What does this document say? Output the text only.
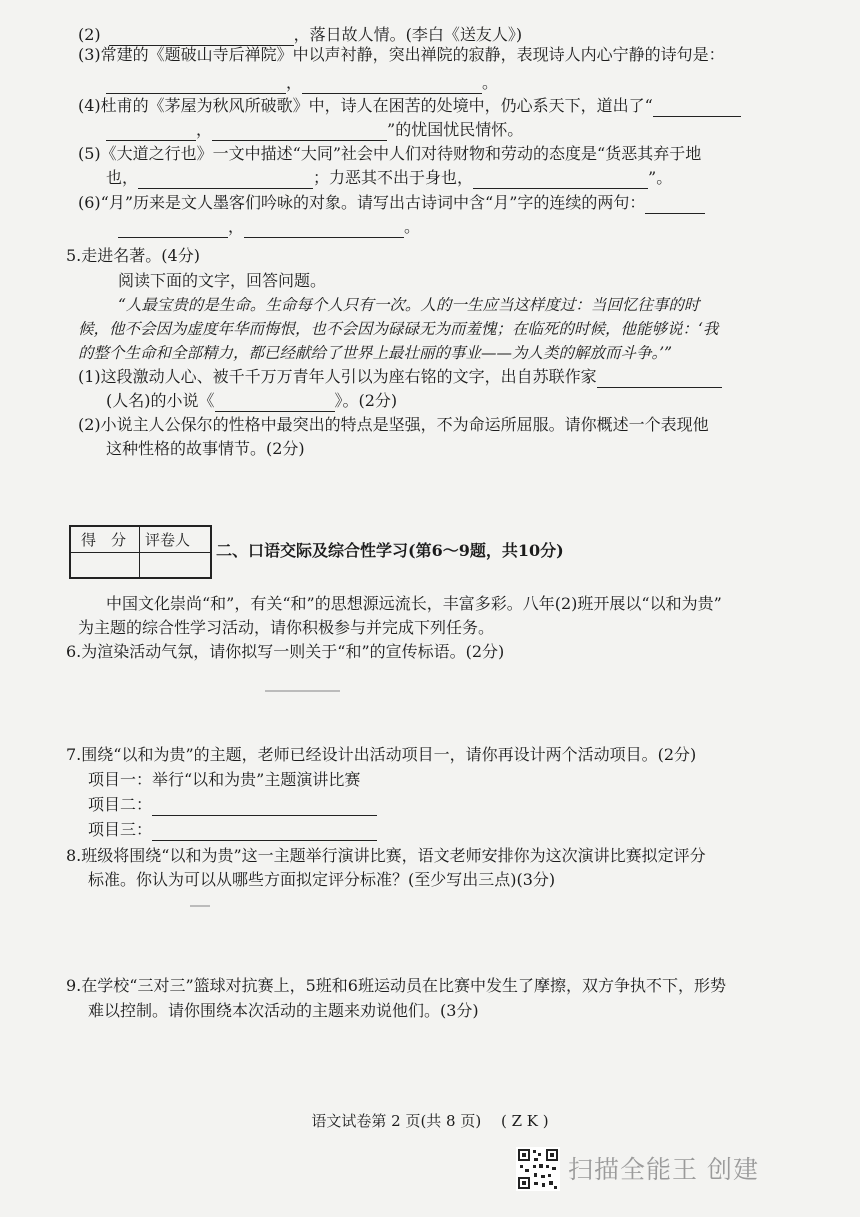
(2)	，落日故人情。(李白《送友人》)
(3)常建的《题破山寺后禅院》中以声衬静，突出禅院的寂静，表现诗人内心宁静的诗句是：
，	。
(4)杜甫的《茅屋为秋风所破歌》中，诗人在困苦的处境中，仍心系天下，道出了“
，	”的忧国忧民情怀。
(5)《大道之行也》一文中描述“大同”社会中人们对待财物和劳动的态度是“货恶其弃于地
也，	；力恶其不出于身也，	”。
(6)“月”历来是文人墨客们吟咏的对象。请写出古诗词中含“月”字的连续的两句：
，	。
5.走进名著。(4分)
阅读下面的文字，回答问题。
“人最宝贵的是生命。生命每个人只有一次。人的一生应当这样度过：当回忆往事的时
候，他不会因为虚度年华而悔恨，也不会因为碌碌无为而羞愧；在临死的时候，他能够说：‘我
的整个生命和全部精力，都已经献给了世界上最壮丽的事业——为人类的解放而斗争。’”
(1)这段激动人心、被千千万万青年人引以为座右铭的文字，出自苏联作家
(人名)的小说《	》。(2分)
(2)小说主人公保尔的性格中最突出的特点是坚强，不为命运所屈服。请你概述一个表现他
这种性格的故事情节。(2分)
得　分 评卷人
二、口语交际及综合性学习(第6～9题，共10分)
中国文化崇尚“和”，有关“和”的思想源远流长，丰富多彩。八年(2)班开展以“以和为贵”
为主题的综合性学习活动，请你积极参与并完成下列任务。
6.为渲染活动气氛，请你拟写一则关于“和”的宣传标语。(2分)
7.围绕“以和为贵”的主题，老师已经设计出活动项目一，请你再设计两个活动项目。(2分)
项目一：举行“以和为贵”主题演讲比赛
项目二：
项目三：
8.班级将围绕“以和为贵”这一主题举行演讲比赛，语文老师安排你为这次演讲比赛拟定评分
标准。你认为可以从哪些方面拟定评分标准？(至少写出三点)(3分)
9.在学校“三对三”篮球对抗赛上，5班和6班运动员在比赛中发生了摩擦，双方争执不下，形势
难以控制。请你围绕本次活动的主题来劝说他们。(3分)
语文试卷第 2 页(共 8 页)　 ( Z K )
扫描全能王 创建
